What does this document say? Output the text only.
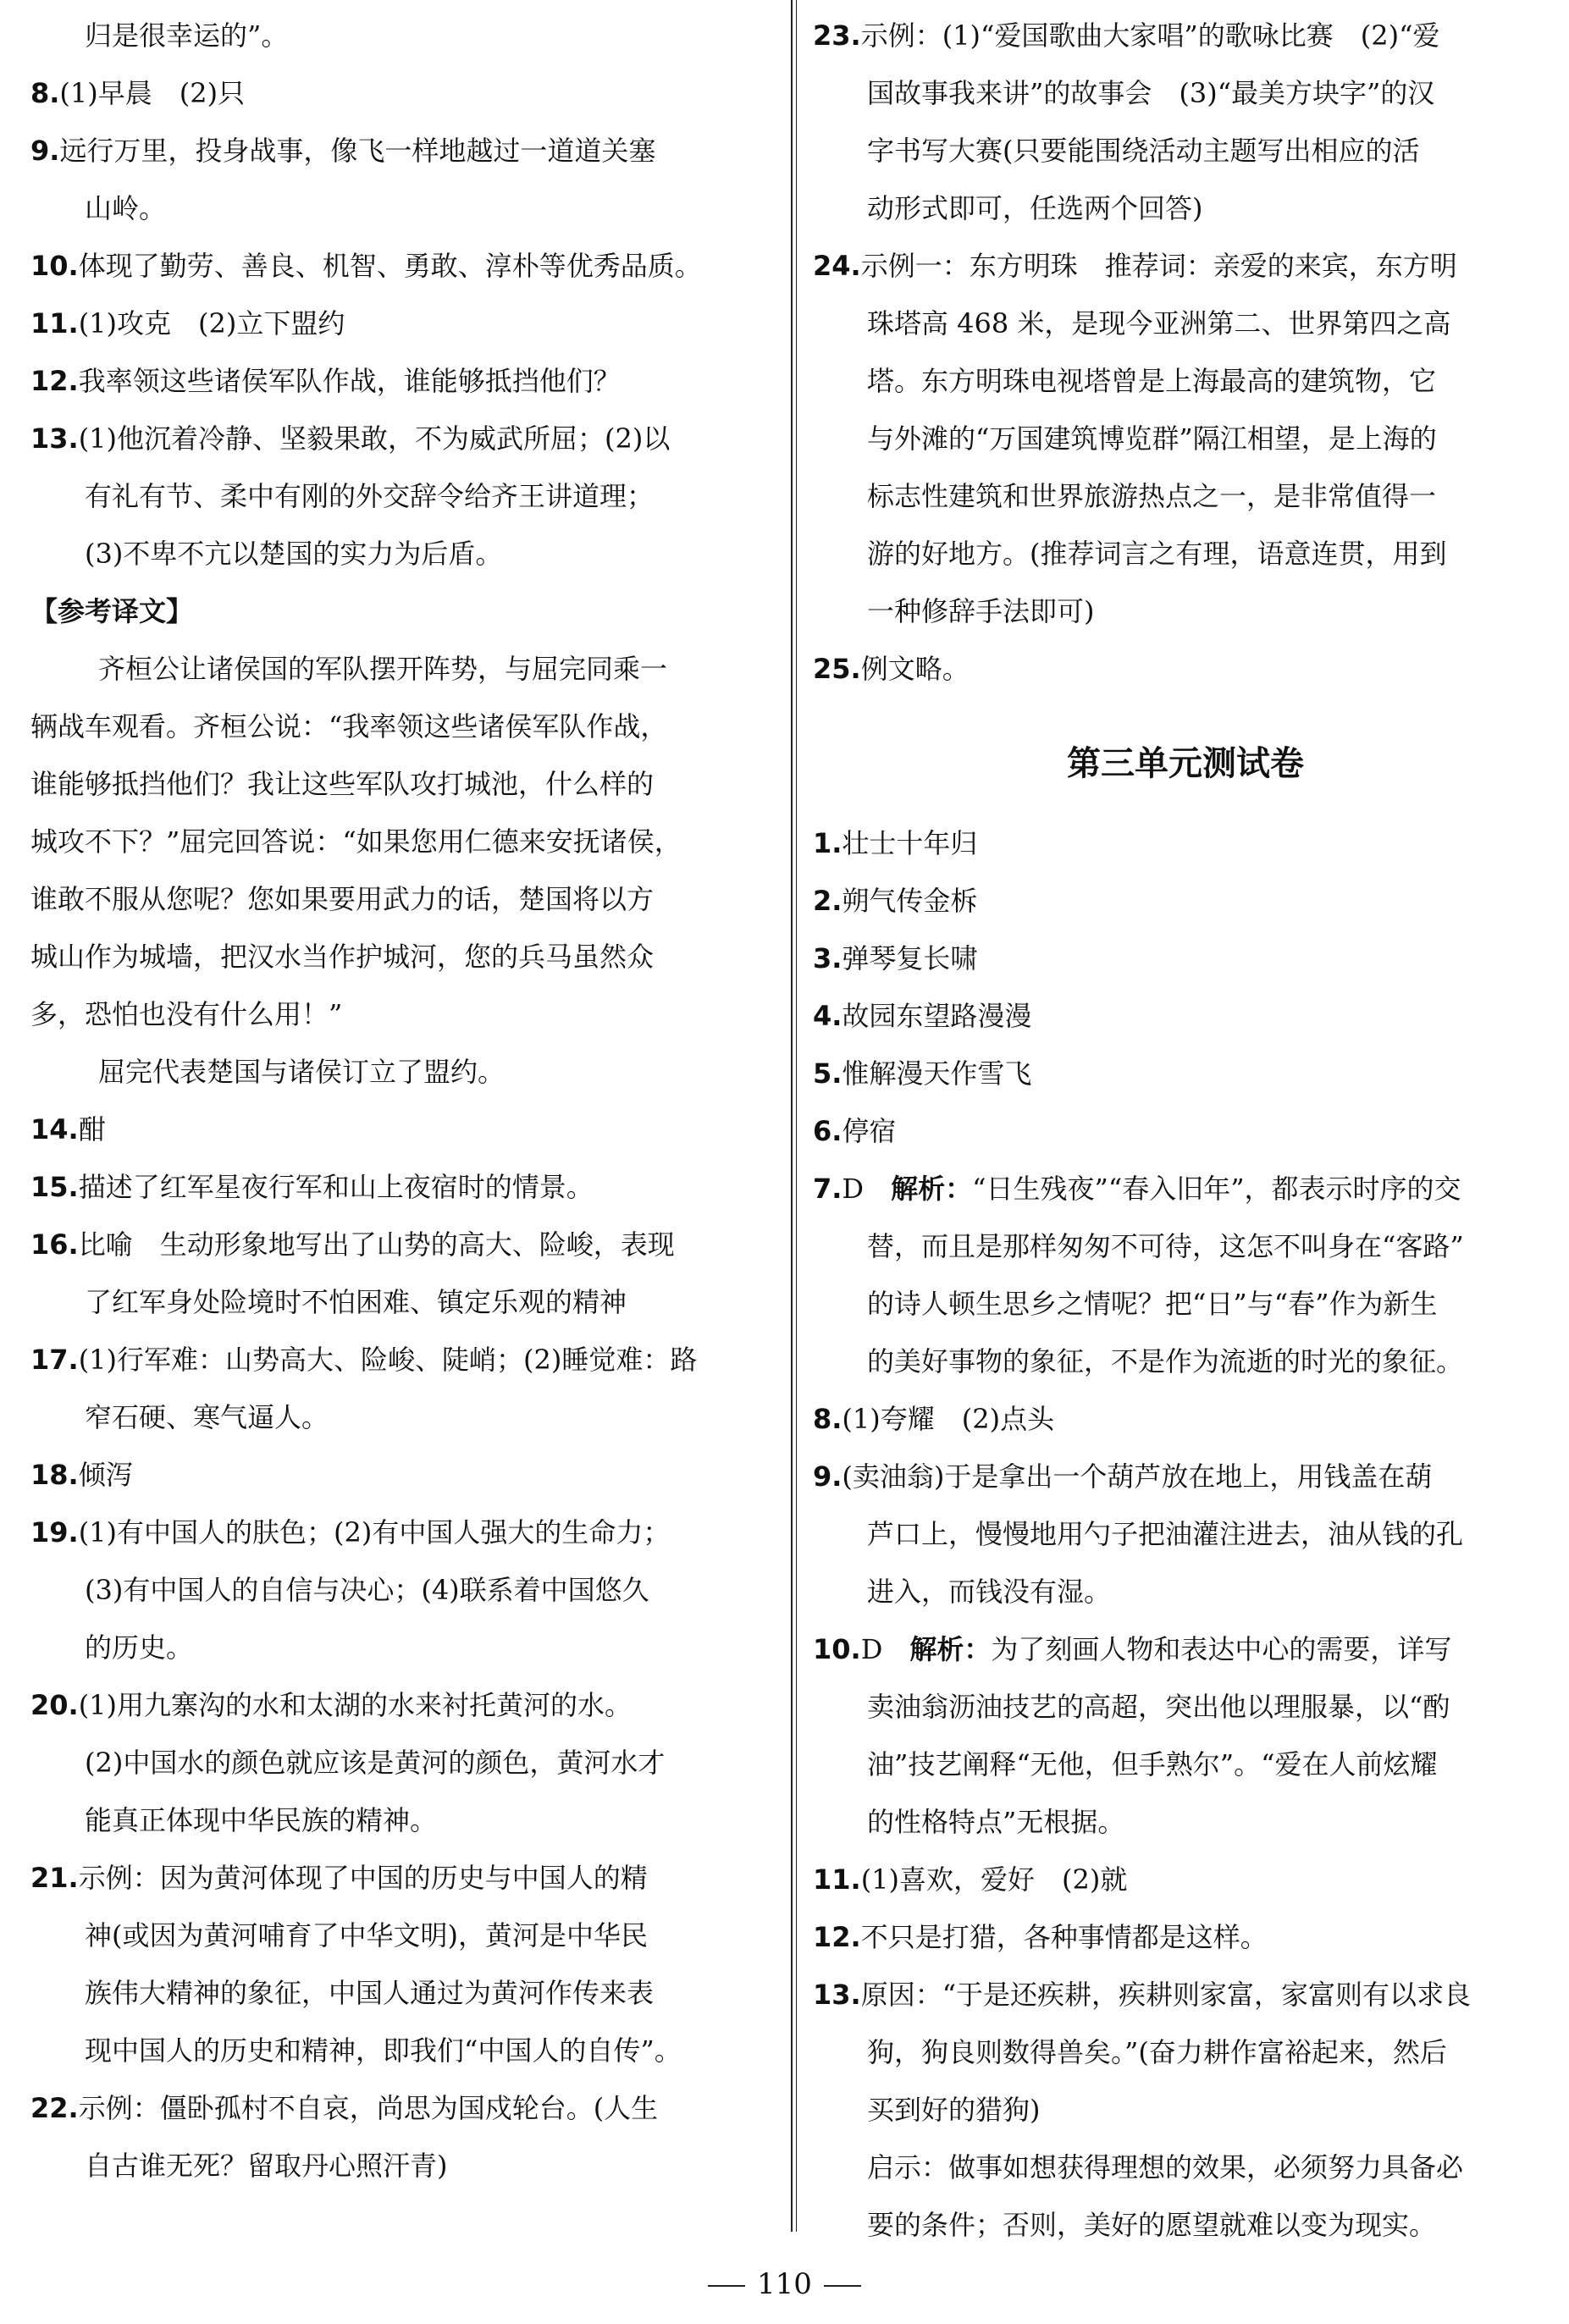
归是很幸运的”。
8.(1)早晨　(2)只
9.远行万里，投身战事，像飞一样地越过一道道关塞
山岭。
10.体现了勤劳、善良、机智、勇敢、淳朴等优秀品质。
11.(1)攻克　(2)立下盟约
12.我率领这些诸侯军队作战，谁能够抵挡他们？
13.(1)他沉着冷静、坚毅果敢，不为威武所屈；(2)以
有礼有节、柔中有刚的外交辞令给齐王讲道理；
(3)不卑不亢以楚国的实力为后盾。
【参考译文】
齐桓公让诸侯国的军队摆开阵势，与屈完同乘一
辆战车观看。齐桓公说：“我率领这些诸侯军队作战，
谁能够抵挡他们？我让这些军队攻打城池，什么样的
城攻不下？”屈完回答说：“如果您用仁德来安抚诸侯，
谁敢不服从您呢？您如果要用武力的话，楚国将以方
城山作为城墙，把汉水当作护城河，您的兵马虽然众
多，恐怕也没有什么用！”
屈完代表楚国与诸侯订立了盟约。
14.酣
15.描述了红军星夜行军和山上夜宿时的情景。
16.比喻　生动形象地写出了山势的高大、险峻，表现
了红军身处险境时不怕困难、镇定乐观的精神
17.(1)行军难：山势高大、险峻、陡峭；(2)睡觉难：路
窄石硬、寒气逼人。
18.倾泻
19.(1)有中国人的肤色；(2)有中国人强大的生命力；
(3)有中国人的自信与决心；(4)联系着中国悠久
的历史。
20.(1)用九寨沟的水和太湖的水来衬托黄河的水。
(2)中国水的颜色就应该是黄河的颜色，黄河水才
能真正体现中华民族的精神。
21.示例：因为黄河体现了中国的历史与中国人的精
神(或因为黄河哺育了中华文明)，黄河是中华民
族伟大精神的象征，中国人通过为黄河作传来表
现中国人的历史和精神，即我们“中国人的自传”。
22.示例：僵卧孤村不自哀，尚思为国戍轮台。(人生
自古谁无死？留取丹心照汗青)
23.示例：(1)“爱国歌曲大家唱”的歌咏比赛　(2)“爱
国故事我来讲”的故事会　(3)“最美方块字”的汉
字书写大赛(只要能围绕活动主题写出相应的活
动形式即可，任选两个回答)
24.示例一：东方明珠　推荐词：亲爱的来宾，东方明
珠塔高 468 米，是现今亚洲第二、世界第四之高
塔。东方明珠电视塔曾是上海最高的建筑物，它
与外滩的“万国建筑博览群”隔江相望，是上海的
标志性建筑和世界旅游热点之一，是非常值得一
游的好地方。(推荐词言之有理，语意连贯，用到
一种修辞手法即可)
25.例文略。
第三单元测试卷
1.壮士十年归
2.朔气传金柝
3.弹琴复长啸
4.故园东望路漫漫
5.惟解漫天作雪飞
6.停宿
7.D　 解析：“日生残夜”“春入旧年”，都表示时序的交
替，而且是那样匆匆不可待，这怎不叫身在“客路”
的诗人顿生思乡之情呢？把“日”与“春”作为新生
的美好事物的象征，不是作为流逝的时光的象征。
8.(1)夸耀　(2)点头
9.(卖油翁)于是拿出一个葫芦放在地上，用钱盖在葫
芦口上，慢慢地用勺子把油灌注进去，油从钱的孔
进入，而钱没有湿。
10.D　 解析：为了刻画人物和表达中心的需要，详写
卖油翁沥油技艺的高超，突出他以理服暴，以“酌
油”技艺阐释“无他，但手熟尔”。“爱在人前炫耀
的性格特点”无根据。
11.(1)喜欢，爱好　(2)就
12.不只是打猎，各种事情都是这样。
13.原因：“于是还疾耕，疾耕则家富，家富则有以求良
狗，狗良则数得兽矣。”(奋力耕作富裕起来，然后
买到好的猎狗)
启示：做事如想获得理想的效果，必须努力具备必
要的条件；否则，美好的愿望就难以变为现实。
110
